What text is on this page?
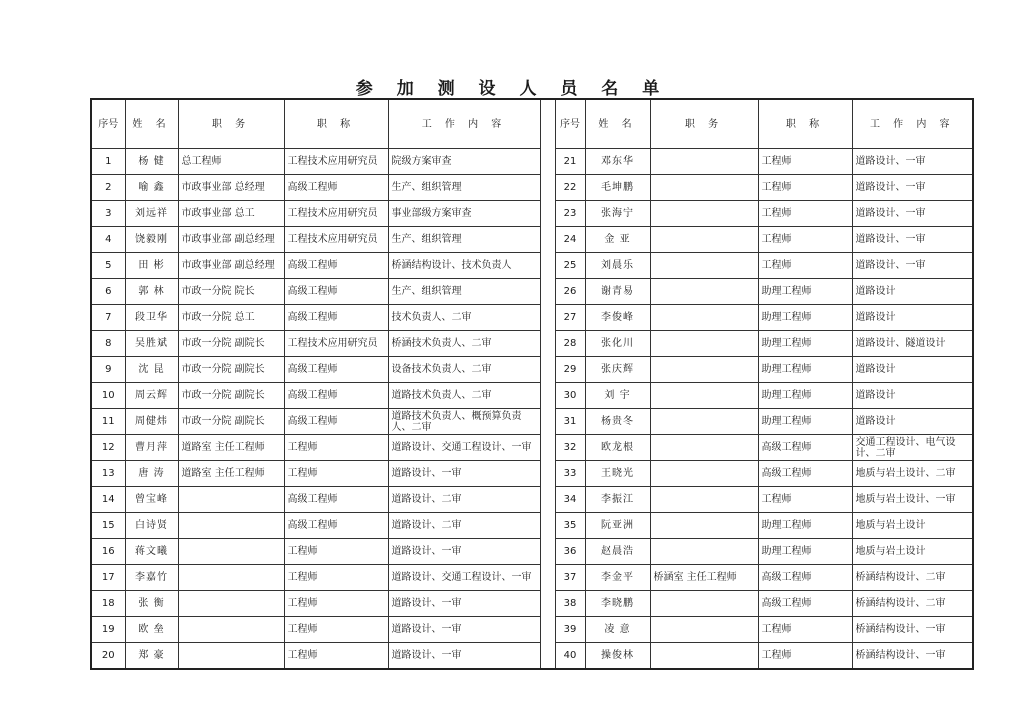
参 加 测 设 人 员 名 单
序号	姓 名	职 务	职 称	工 作 内 容		序号	姓 名	职 务	职 称	工 作 内 容
1	杨 健	总工程师	工程技术应用研究员	院级方案审查		21	邓东华		工程师	道路设计、一审
2	喻 鑫	市政事业部 总经理	高级工程师	生产、组织管理		22	毛坤鹏		工程师	道路设计、一审
3	刘远祥	市政事业部 总工	工程技术应用研究员	事业部级方案审查		23	张海宁		工程师	道路设计、一审
4	饶毅刚	市政事业部 副总经理	工程技术应用研究员	生产、组织管理		24	金 亚		工程师	道路设计、一审
5	田 彬	市政事业部 副总经理	高级工程师	桥涵结构设计、技术负责人		25	刘晨乐		工程师	道路设计、一审
6	郭 林	市政一分院 院长	高级工程师	生产、组织管理		26	谢青易		助理工程师	道路设计
7	段卫华	市政一分院 总工	高级工程师	技术负责人、二审		27	李俊峰		助理工程师	道路设计
8	吴胜斌	市政一分院 副院长	工程技术应用研究员	桥涵技术负责人、二审		28	张化川		助理工程师	道路设计、隧道设计
9	沈 昆	市政一分院 副院长	高级工程师	设备技术负责人、二审		29	张庆辉		助理工程师	道路设计
10	周云辉	市政一分院 副院长	高级工程师	道路技术负责人、二审		30	刘 宇		助理工程师	道路设计
11	周健炜	市政一分院 副院长	高级工程师	道路技术负责人、概预算负责人、二审		31	杨贵冬		助理工程师	道路设计
12	曹月萍	道路室 主任工程师	工程师	道路设计、交通工程设计、一审		32	欧龙根		高级工程师	交通工程设计、电气设计、二审
13	唐 涛	道路室 主任工程师	工程师	道路设计、一审		33	王晓光		高级工程师	地质与岩土设计、二审
14	曾宝峰		高级工程师	道路设计、二审		34	李振江		工程师	地质与岩土设计、一审
15	白诗贤		高级工程师	道路设计、二审		35	阮亚洲		助理工程师	地质与岩土设计
16	蒋文曦		工程师	道路设计、一审		36	赵晨浩		助理工程师	地质与岩土设计
17	李嘉竹		工程师	道路设计、交通工程设计、一审		37	李金平	桥涵室 主任工程师	高级工程师	桥涵结构设计、二审
18	张 衡		工程师	道路设计、一审		38	李晓鹏		高级工程师	桥涵结构设计、二审
19	欧 垒		工程师	道路设计、一审		39	凌 意		工程师	桥涵结构设计、一审
20	郑 豪		工程师	道路设计、一审		40	操俊林		工程师	桥涵结构设计、一审
